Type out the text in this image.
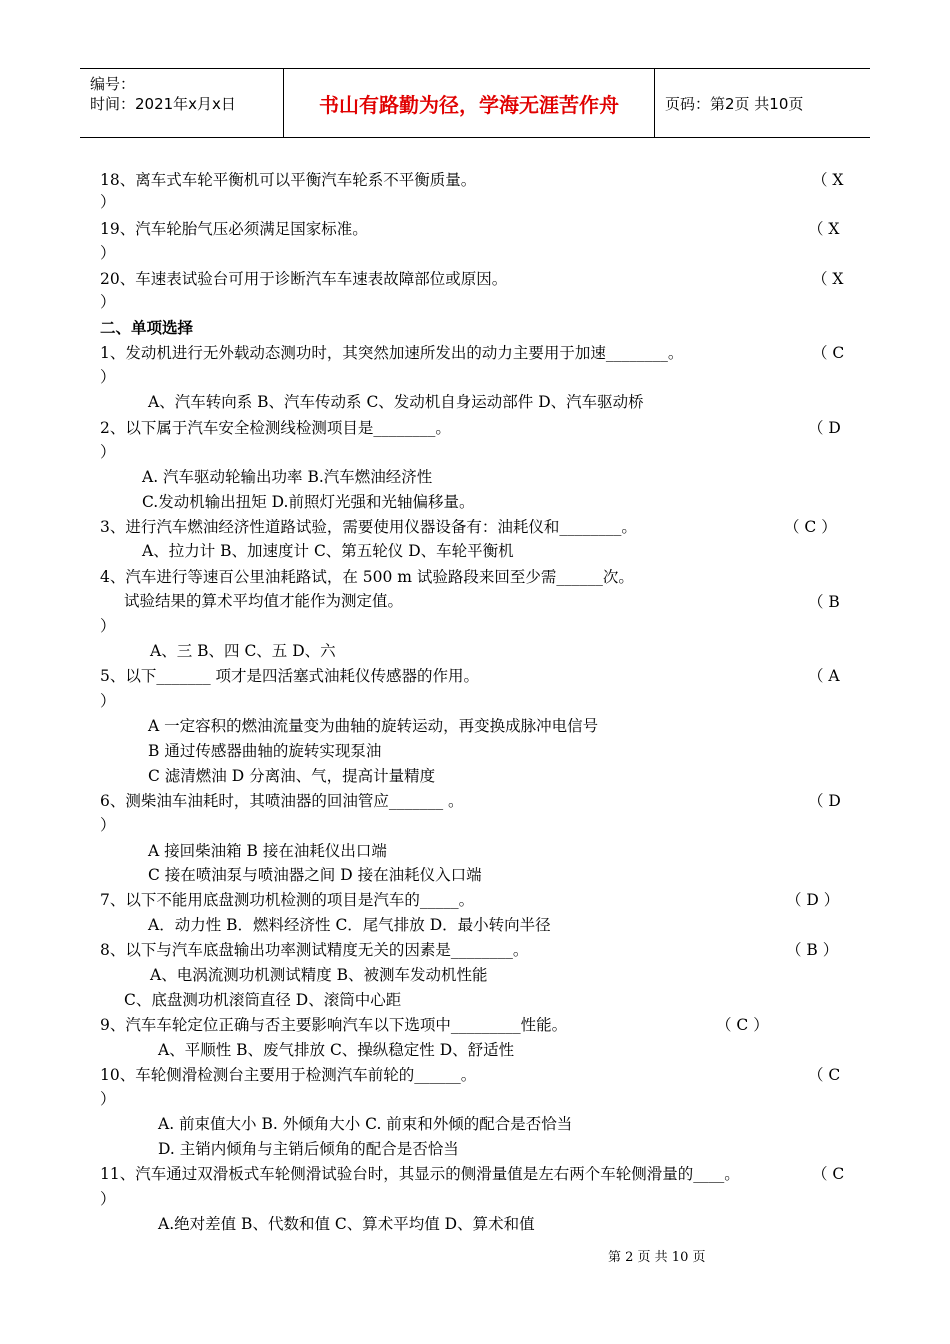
编号：
时间：2021年x月x日	书山有路勤为径，学海无涯苦作舟	页码：第2页 共10页
18、离车式车轮平衡机可以平衡汽车轮系不平衡质量。	（ X
）
19、汽车轮胎气压必须满足国家标准。	（ X
）
20、车速表试验台可用于诊断汽车车速表故障部位或原因。	（ X
）
二、单项选择
1、发动机进行无外载动态测功时，其突然加速所发出的动力主要用于加速________。	（ C
）
A、汽车转向系 B、汽车传动系 C、发动机自身运动部件 D、汽车驱动桥
2、以下属于汽车安全检测线检测项目是________。	（ D
）
A. 汽车驱动轮输出功率 B.汽车燃油经济性
C.发动机输出扭矩 D.前照灯光强和光轴偏移量。
3、进行汽车燃油经济性道路试验，需要使用仪器设备有：油耗仪和________。	（ C ）
A、拉力计 B、加速度计 C、第五轮仪 D、车轮平衡机
4、汽车进行等速百公里油耗路试，在 500 m 试验路段来回至少需______次。
试验结果的算术平均值才能作为测定值。	（ B
）
A、三 B、四 C、五 D、六
5、以下_______ 项才是四活塞式油耗仪传感器的作用。	（ A
）
A 一定容积的燃油流量变为曲轴的旋转运动，再变换成脉冲电信号
B 通过传感器曲轴的旋转实现泵油
C 滤清燃油 D 分离油、气，提高计量精度
6、测柴油车油耗时，其喷油器的回油管应_______ 。	（ D
）
A 接回柴油箱 B 接在油耗仪出口端
C 接在喷油泵与喷油器之间 D 接在油耗仪入口端
7、以下不能用底盘测功机检测的项目是汽车的_____。	（ D ）
A．动力性 B．燃料经济性 C．尾气排放 D．最小转向半径
8、以下与汽车底盘输出功率测试精度无关的因素是________。	（ B ）
A、电涡流测功机测试精度 B、被测车发动机性能
C、底盘测功机滚筒直径 D、滚筒中心距
9、汽车车轮定位正确与否主要影响汽车以下选项中_________性能。	（ C ）
A、平顺性 B、废气排放 C、操纵稳定性 D、舒适性
10、车轮侧滑检测台主要用于检测汽车前轮的______。	（ C
）
A. 前束值大小 B. 外倾角大小 C. 前束和外倾的配合是否恰当
D. 主销内倾角与主销后倾角的配合是否恰当
11、汽车通过双滑板式车轮侧滑试验台时，其显示的侧滑量值是左右两个车轮侧滑量的____。	（ C
）
A.绝对差值 B、代数和值 C、算术平均值 D、算术和值
第 2 页 共 10 页
